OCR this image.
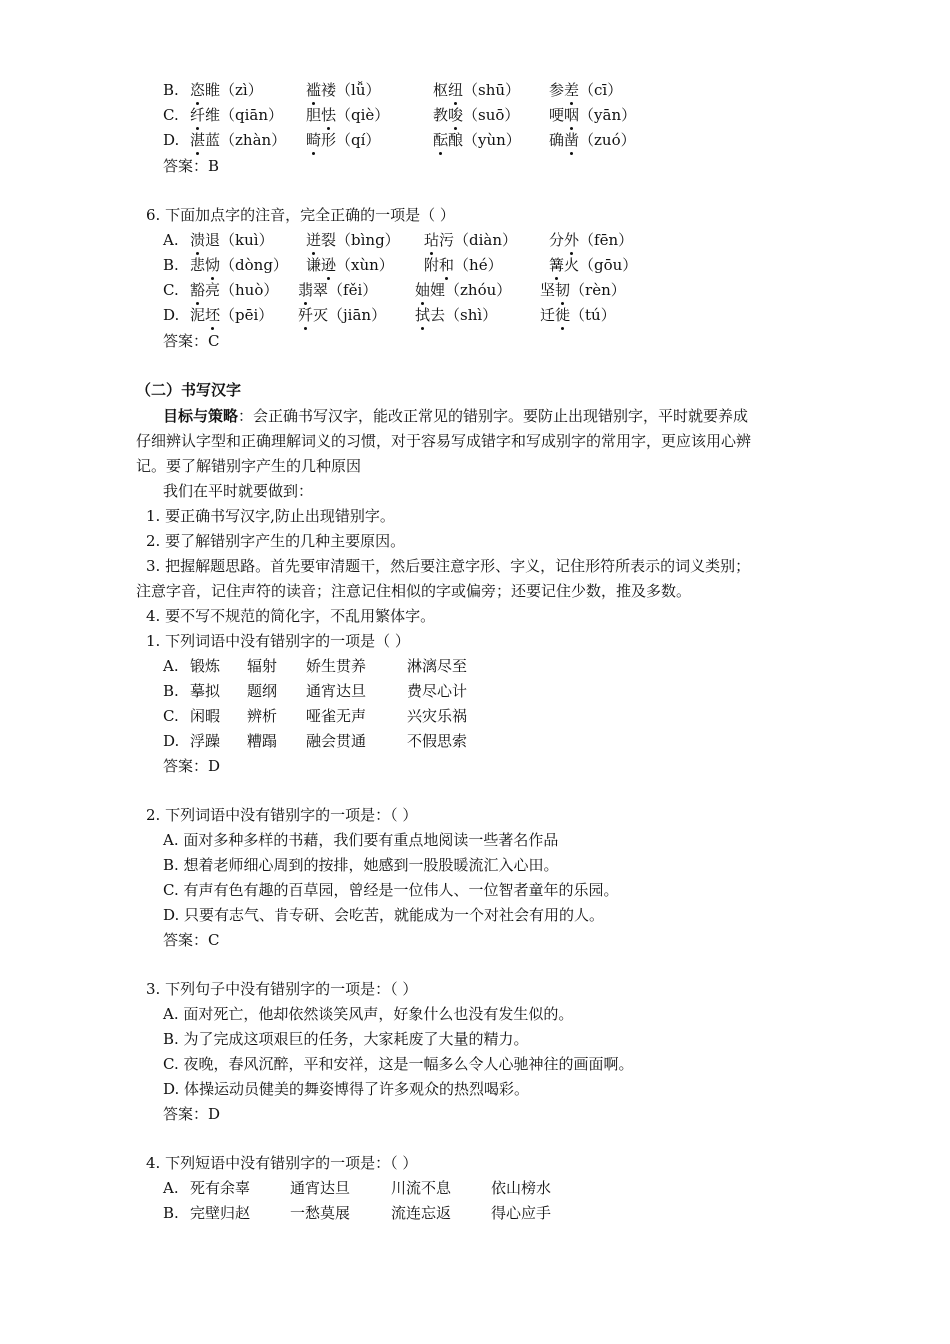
B. 恣睢（zì）	褴褛（lǚ）	枢纽（shū） 参差（cī）
C. 纤维（qiān） 胆怯（qiè）	教唆（suō） 哽咽（yān）
D. 湛蓝（zhàn） 畸形（qí）	酝酿（yùn） 确凿（zuó）
答案：B
6. 下面加点字的注音，完全正确的一项是（ ）
A. 溃退（kuì） 迸裂（bìng） 玷污（diàn） 分外（fēn）
B. 悲恸（dòng） 谦逊（xùn） 附和（hé）	篝火（gōu）
C. 豁亮（huò） 翡翠（fěi）	妯娌（zhóu） 坚韧（rèn）
D. 泥坯（pēi） 歼灭（jiān） 拭去（shì）	迁徙（tú）
答案：C
（二）书写汉字
目标与策略：会正确书写汉字，能改正常见的错别字。要防止出现错别字，平时就要养成
仔细辨认字型和正确理解词义的习惯，对于容易写成错字和写成别字的常用字，更应该用心辨
记。要了解错别字产生的几种原因
我们在平时就要做到：
1. 要正确书写汉字,防止出现错别字。
2. 要了解错别字产生的几种主要原因。
3. 把握解题思路。首先要审清题干，然后要注意字形、字义，记住形符所表示的词义类别；
注意字音，记住声符的读音；注意记住相似的字或偏旁；还要记住少数，推及多数。
4. 要不写不规范的简化字，不乱用繁体字。
1. 下列词语中没有错别字的一项是（ ）
A. 锻炼 辐射 娇生贯养	淋漓尽至
B. 摹拟 题纲 通宵达旦	费尽心计
C. 闲暇 辨析 哑雀无声	兴灾乐祸
D. 浮躁 糟蹋 融会贯通	不假思索
答案：D
2. 下列词语中没有错别字的一项是：（ ）
A. 面对多种多样的书藉，我们要有重点地阅读一些著名作品
B. 想着老师细心周到的按排，她感到一股股暖流汇入心田。
C. 有声有色有趣的百草园，曾经是一位伟人、一位智者童年的乐园。
D. 只要有志气、肯专研、会吃苦，就能成为一个对社会有用的人。
答案：C
3. 下列句子中没有错别字的一项是：（ ）
A. 面对死亡，他却依然谈笑风声，好象什么也没有发生似的。
B. 为了完成这项艰巨的任务，大家耗废了大量的精力。
C. 夜晚，春风沉醉，平和安祥，这是一幅多么令人心驰神往的画面啊。
D. 体操运动员健美的舞姿博得了许多观众的热烈喝彩。
答案：D
4. 下列短语中没有错别字的一项是：（ ）
A. 死有余辜	通宵达旦	川流不息	依山榜水
B. 完壁归赵	一愁莫展	流连忘返	得心应手
